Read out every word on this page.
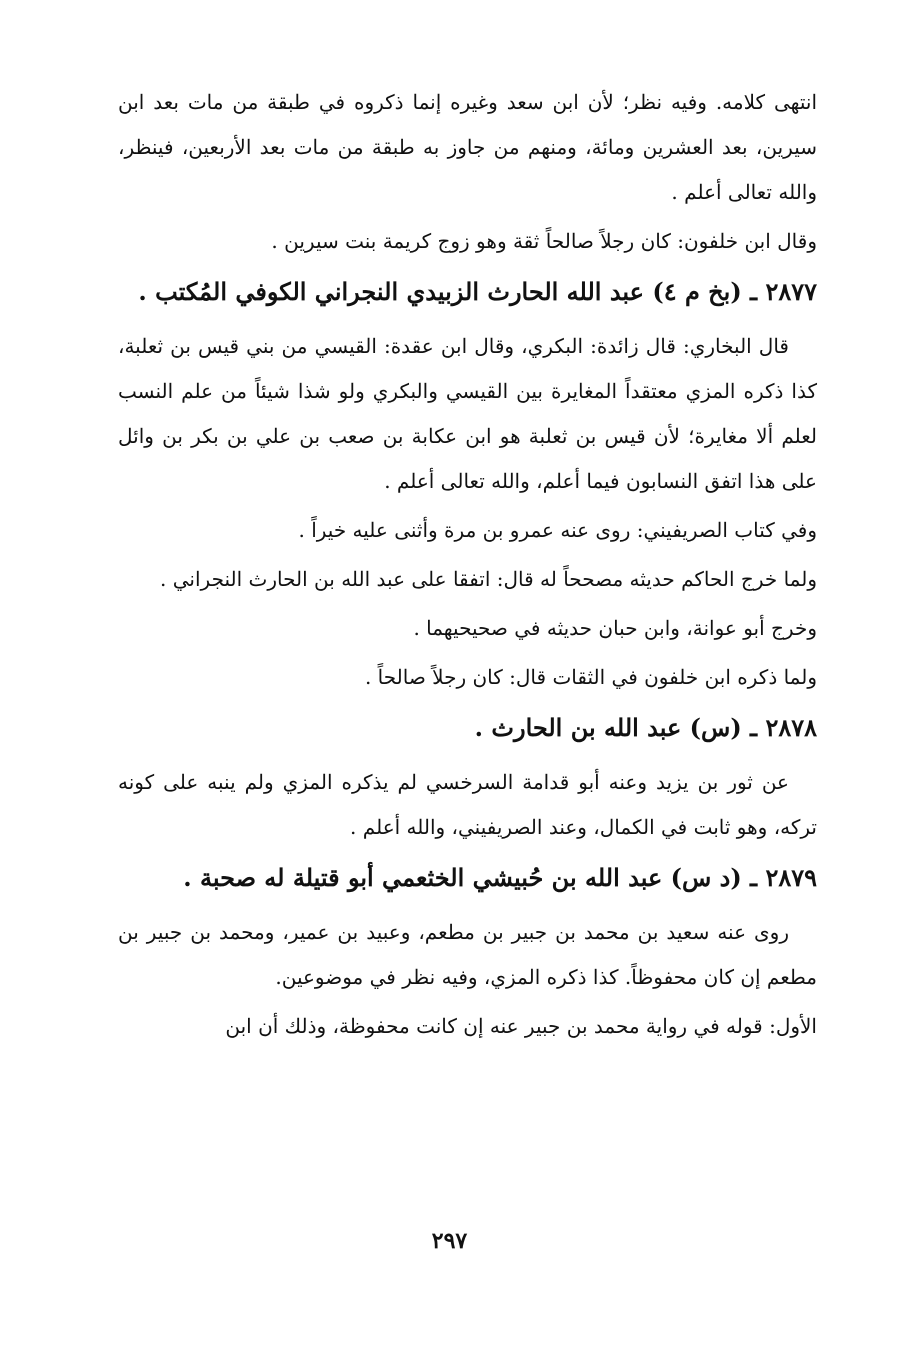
انتهى كلامه. وفيه نظر؛ لأن ابن سعد وغيره إنما ذكروه في طبقة من مات بعد ابن سيرين، بعد العشرين ومائة، ومنهم من جاوز به طبقة من مات بعد الأربعين، فينظر، والله تعالى أعلم .

وقال ابن خلفون: كان رجلاً صالحاً ثقة وهو زوج كريمة بنت سيرين .

٢٨٧٧ ـ (بخ م ٤) عبد الله الحارث الزبيدي النجراني الكوفي المُكتب .

قال البخاري: قال زائدة: البكري، وقال ابن عقدة: القيسي من بني قيس بن ثعلبة، كذا ذكره المزي معتقداً المغايرة بين القيسي والبكري ولو شذا شيئاً من علم النسب لعلم ألا مغايرة؛ لأن قيس بن ثعلبة هو ابن عكابة بن صعب بن علي بن بكر بن وائل على هذا اتفق النسابون فيما أعلم، والله تعالى أعلم .

وفي كتاب الصريفيني: روى عنه عمرو بن مرة وأثنى عليه خيراً .

ولما خرج الحاكم حديثه مصححاً له قال: اتفقا على عبد الله بن الحارث النجراني .

وخرج أبو عوانة، وابن حبان حديثه في صحيحيهما .

ولما ذكره ابن خلفون في الثقات قال: كان رجلاً صالحاً .

٢٨٧٨ ـ (س) عبد الله بن الحارث .

عن ثور بن يزيد وعنه أبو قدامة السرخسي لم يذكره المزي ولم ينبه على كونه تركه، وهو ثابت في الكمال، وعند الصريفيني، والله أعلم .

٢٨٧٩ ـ (د س) عبد الله بن حُبيشي الخثعمي أبو قتيلة له صحبة .

روى عنه سعيد بن محمد بن جبير بن مطعم، وعبيد بن عمير، ومحمد بن جبير بن مطعم إن كان محفوظاً. كذا ذكره المزي، وفيه نظر في موضوعين.

الأول: قوله في رواية محمد بن جبير عنه إن كانت محفوظة، وذلك أن ابن

٢٩٧
